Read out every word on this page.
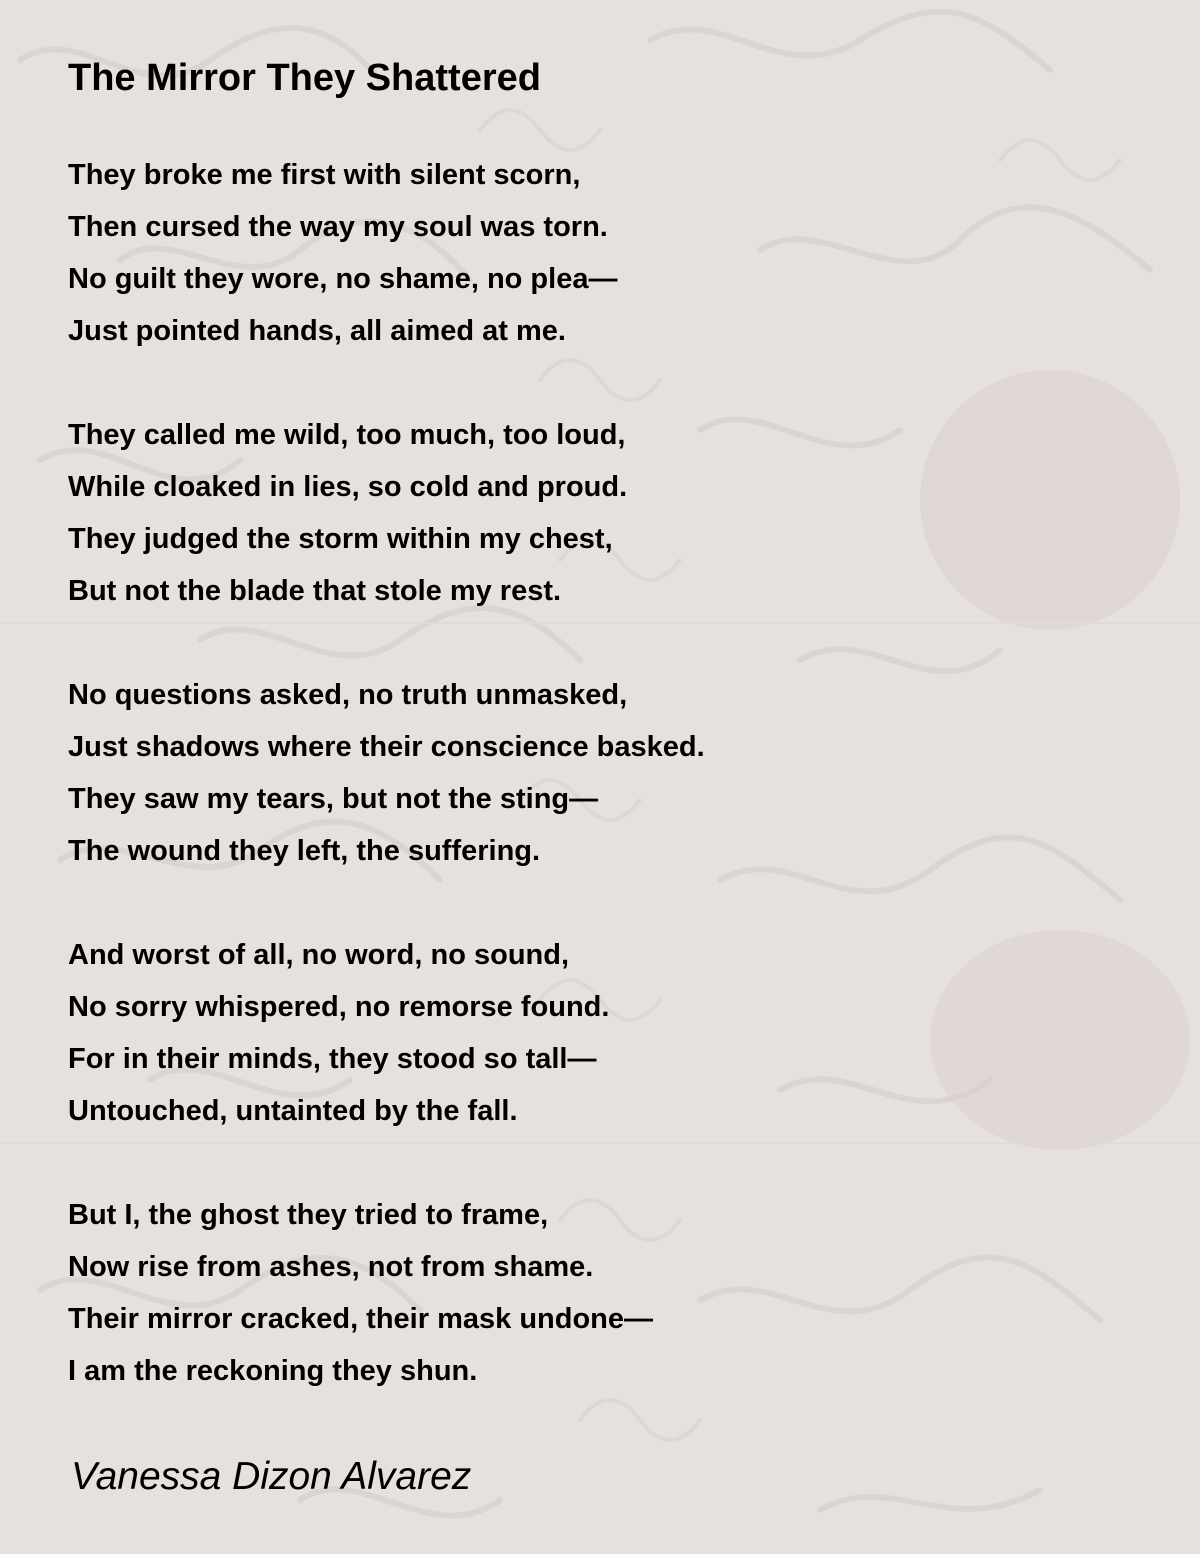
The Mirror They Shattered
They broke me first with silent scorn,
Then cursed the way my soul was torn.
No guilt they wore, no shame, no plea—
Just pointed hands, all aimed at me.
They called me wild, too much, too loud,
While cloaked in lies, so cold and proud.
They judged the storm within my chest,
But not the blade that stole my rest.
No questions asked, no truth unmasked,
Just shadows where their conscience basked.
They saw my tears, but not the sting—
The wound they left, the suffering.
And worst of all, no word, no sound,
No sorry whispered, no remorse found.
For in their minds, they stood so tall—
Untouched, untainted by the fall.
But I, the ghost they tried to frame,
Now rise from ashes, not from shame.
Their mirror cracked, their mask undone—
I am the reckoning they shun.

Vanessa Dizon Alvarez
